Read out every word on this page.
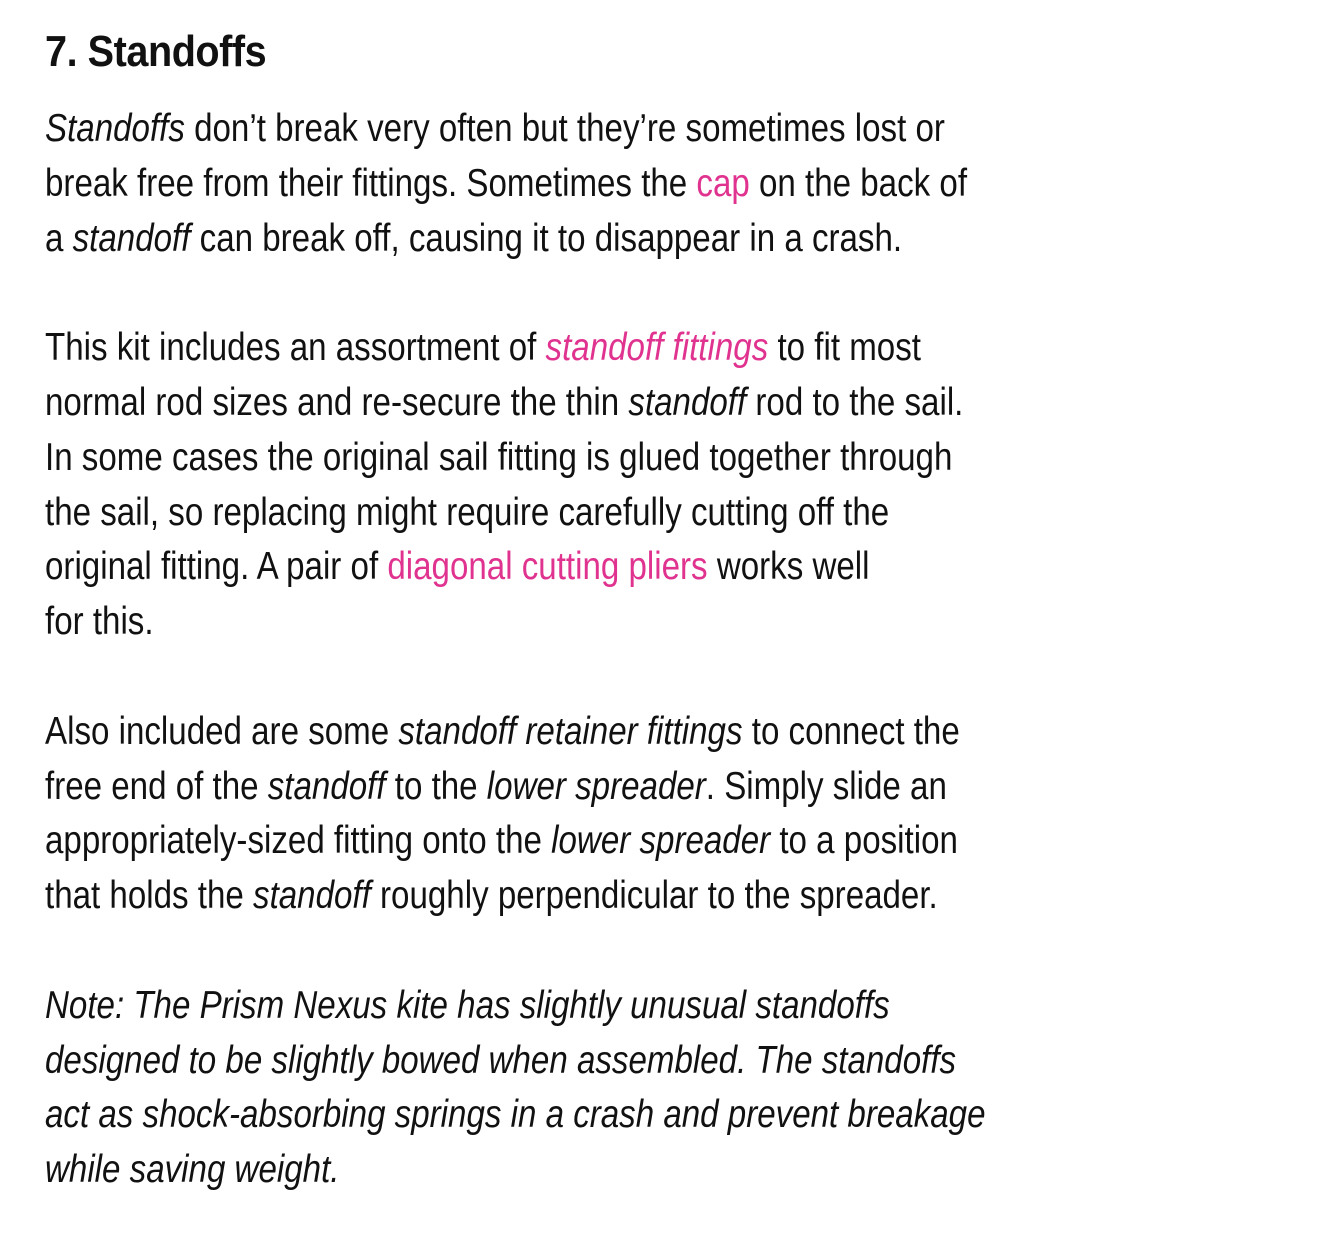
7. Standoffs

Standoffs don’t break very often but they’re sometimes lost or
break free from their fittings. Sometimes the cap on the back of
a standoff can break off, causing it to disappear in a crash.

This kit includes an assortment of standoff fittings to fit most
normal rod sizes and re-secure the thin standoff rod to the sail.
In some cases the original sail fitting is glued together through
the sail, so replacing might require carefully cutting off the
original fitting. A pair of diagonal cutting pliers works well
for this.

Also included are some standoff retainer fittings to connect the
free end of the standoff to the lower spreader. Simply slide an
appropriately-sized fitting onto the lower spreader to a position
that holds the standoff roughly perpendicular to the spreader.

Note: The Prism Nexus kite has slightly unusual standoffs
designed to be slightly bowed when assembled. The standoffs
act as shock-absorbing springs in a crash and prevent breakage
while saving weight.
